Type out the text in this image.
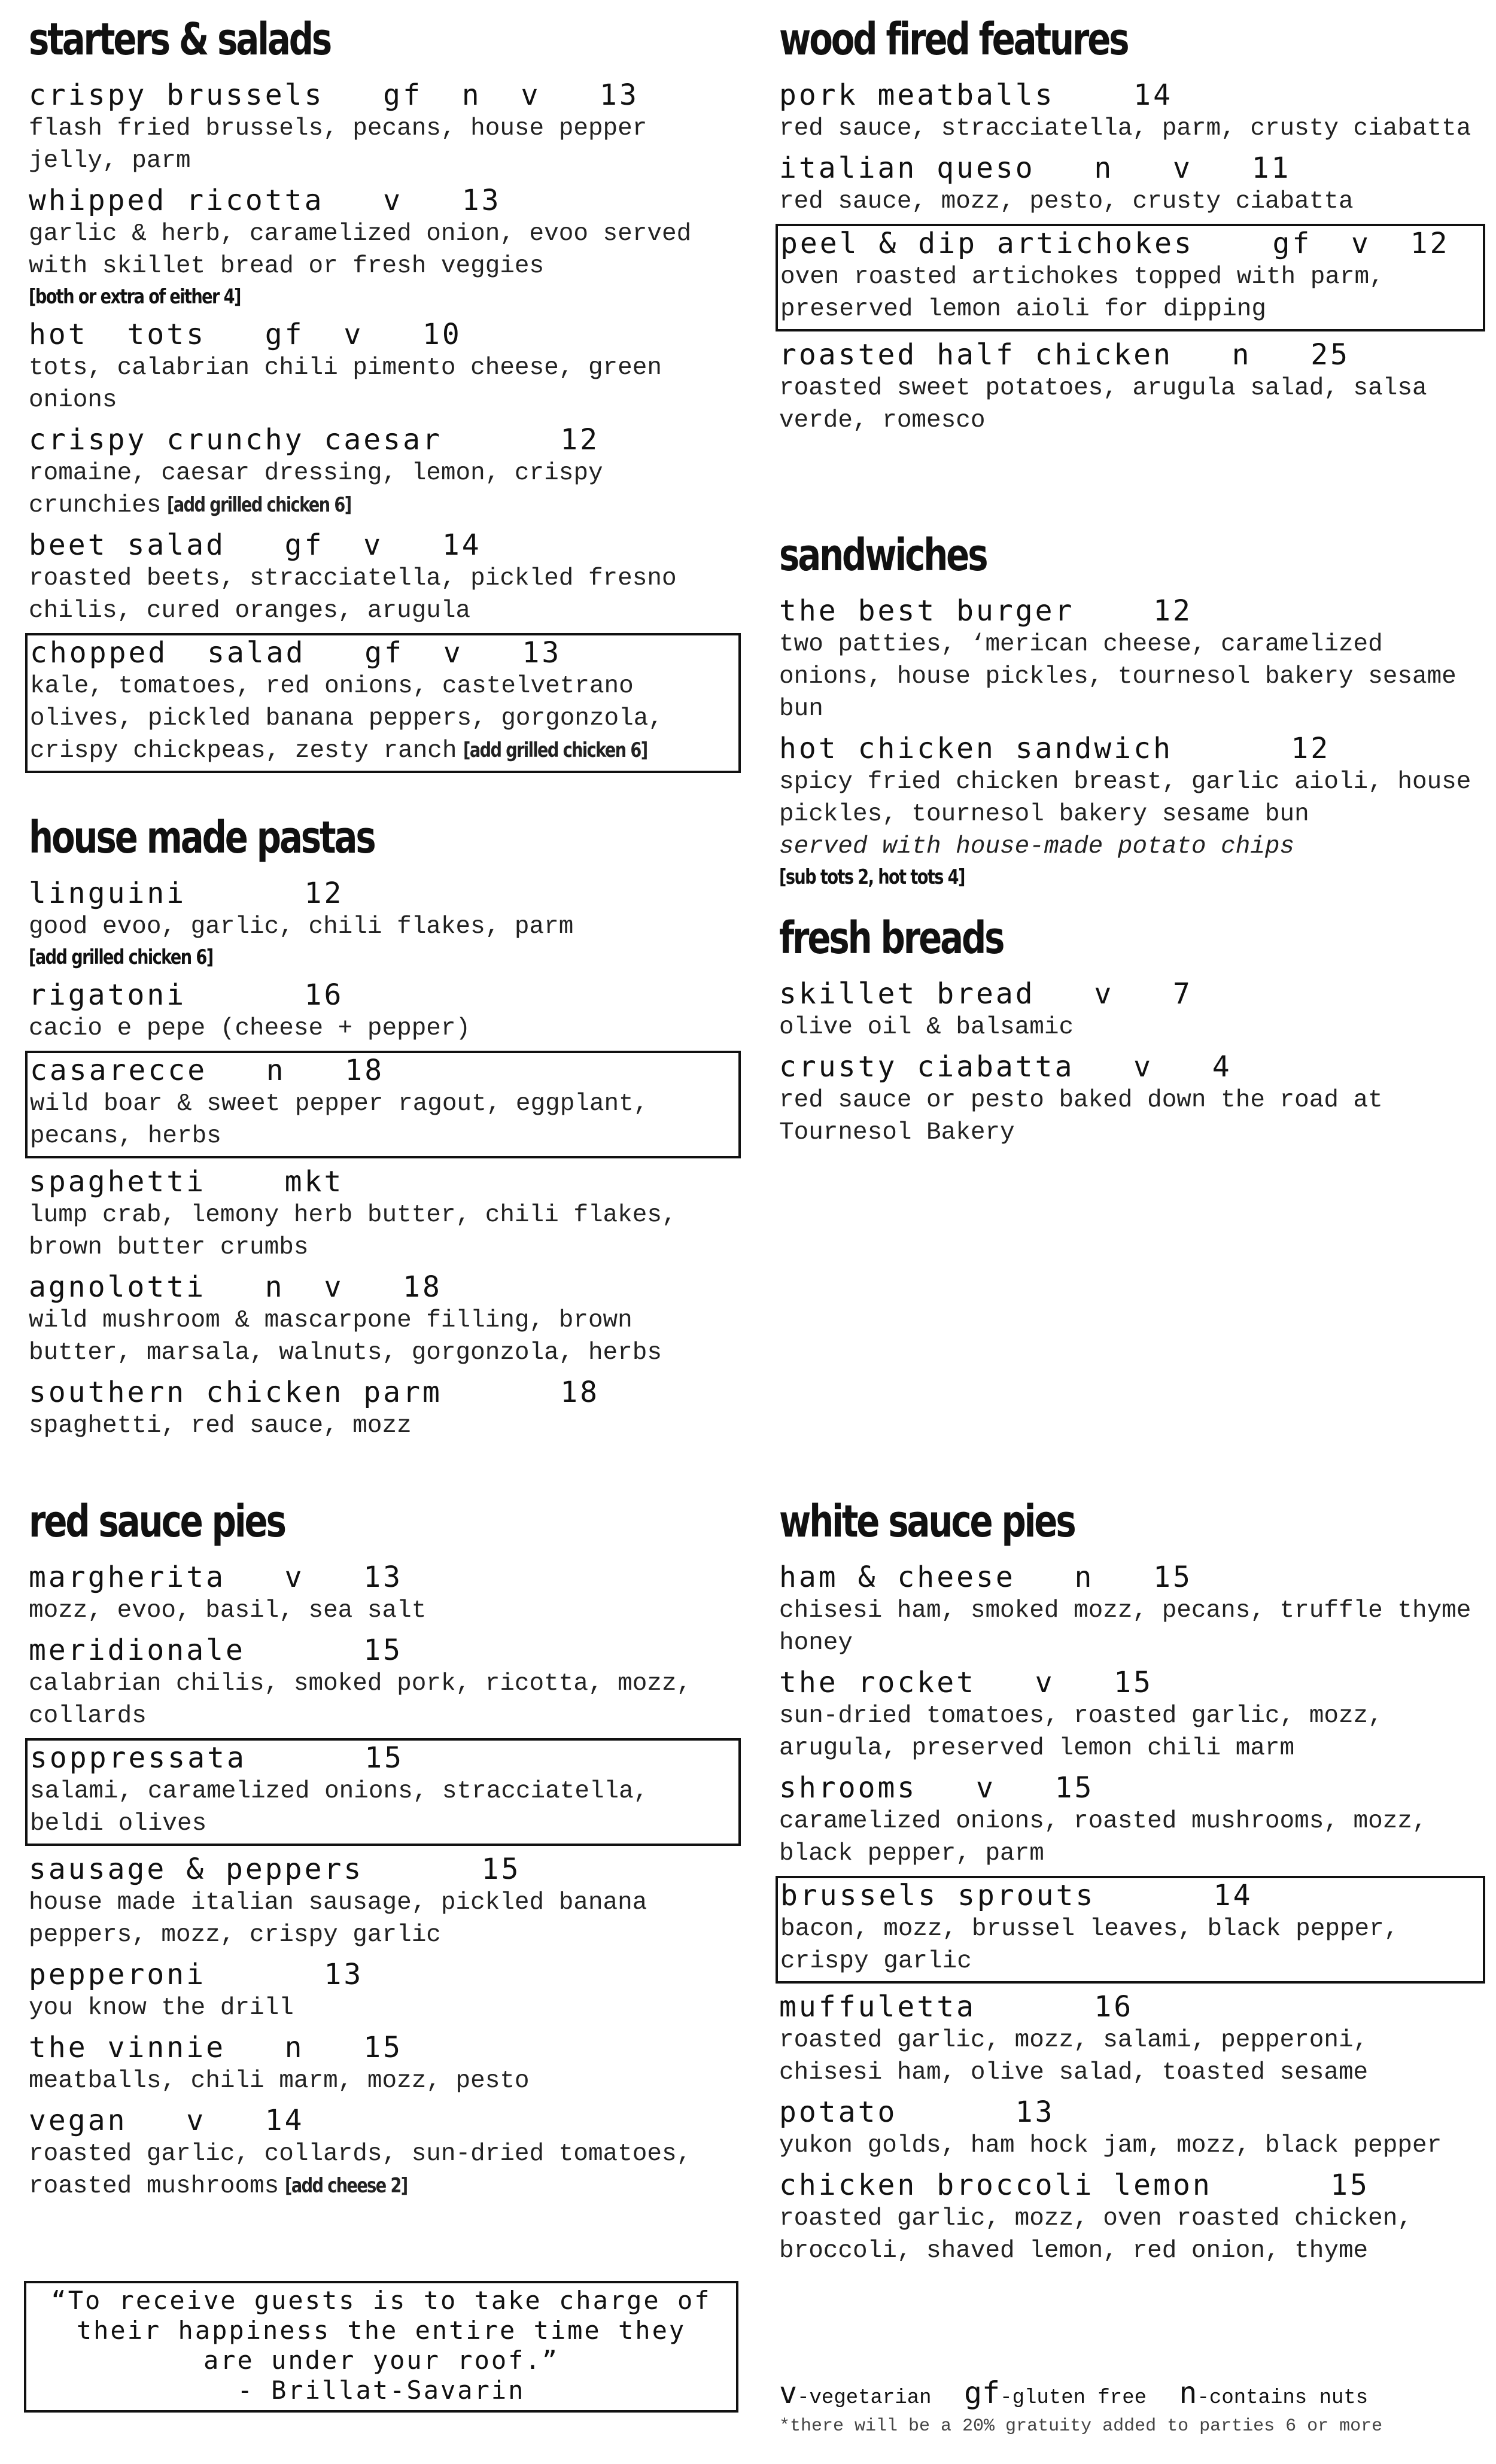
starters & salads
crispy brussels   gf  n  v   13
flash fried brussels, pecans, house pepper jelly, parm
whipped ricotta   v   13
garlic & herb, caramelized onion, evoo served with skillet bread or fresh veggies
[both or extra of either 4]
hot  tots   gf  v   10
tots, calabrian chili pimento cheese, green onions
crispy crunchy caesar      12
romaine, caesar dressing, lemon, crispy crunchies [add grilled chicken 6]
beet salad   gf  v   14
roasted beets, stracciatella, pickled fresno chilis, cured oranges, arugula
chopped  salad   gf  v   13
kale, tomatoes, red onions, castelvetrano olives, pickled banana peppers, gorgonzola, crispy chickpeas, zesty ranch [add grilled chicken 6]
house made pastas
linguini      12
good evoo, garlic, chili flakes, parm
[add grilled chicken 6]
rigatoni      16
cacio e pepe (cheese + pepper)
casarecce   n   18
wild boar & sweet pepper ragout, eggplant, pecans, herbs
spaghetti    mkt
lump crab, lemony herb butter, chili flakes, brown butter crumbs
agnolotti   n  v   18
wild mushroom & mascarpone filling, brown butter, marsala, walnuts, gorgonzola, herbs
southern chicken parm      18
spaghetti, red sauce, mozz
red sauce pies
margherita   v   13
mozz, evoo, basil, sea salt
meridionale      15
calabrian chilis, smoked pork, ricotta, mozz, collards
soppressata      15
salami, caramelized onions, stracciatella, beldi olives
sausage & peppers      15
house made italian sausage, pickled banana peppers, mozz, crispy garlic
pepperoni      13
you know the drill
the vinnie   n   15
meatballs, chili marm, mozz, pesto
vegan   v   14
roasted garlic, collards, sun-dried tomatoes, roasted mushrooms [add cheese 2]
wood fired features
pork meatballs    14
red sauce, stracciatella, parm, crusty ciabatta
italian queso   n   v   11
red sauce, mozz, pesto, crusty ciabatta
peel & dip artichokes    gf  v  12
oven roasted artichokes topped with parm, preserved lemon aioli for dipping
roasted half chicken   n   25
roasted sweet potatoes, arugula salad, salsa verde, romesco
sandwiches
the best burger    12
two patties, ‘merican cheese, caramelized onions, house pickles, tournesol bakery sesame bun
hot chicken sandwich      12
spicy fried chicken breast, garlic aioli, house pickles, tournesol bakery sesame bun
served with house-made potato chips
[sub tots 2, hot tots 4]
fresh breads
skillet bread   v   7
olive oil & balsamic
crusty ciabatta   v   4
red sauce or pesto baked down the road at Tournesol Bakery
white sauce pies
ham & cheese   n   15
chisesi ham, smoked mozz, pecans, truffle thyme honey
the rocket   v   15
sun-dried tomatoes, roasted garlic, mozz, arugula, preserved lemon chili marm
shrooms   v   15
caramelized onions, roasted mushrooms, mozz, black pepper, parm
brussels sprouts      14
bacon, mozz, brussel leaves, black pepper, crispy garlic
muffuletta      16
roasted garlic, mozz, salami, pepperoni, chisesi ham, olive salad, toasted sesame
potato      13
yukon golds, ham hock jam, mozz, black pepper
chicken broccoli lemon      15
roasted garlic, mozz, oven roasted chicken, broccoli, shaved lemon, red onion, thyme
“To receive guests is to take charge of
their happiness the entire time they
are under your roof.”
- Brillat-Savarin	v-vegetarian gf-gluten free n-contains nuts
*there will be a 20% gratuity added to parties 6 or more
